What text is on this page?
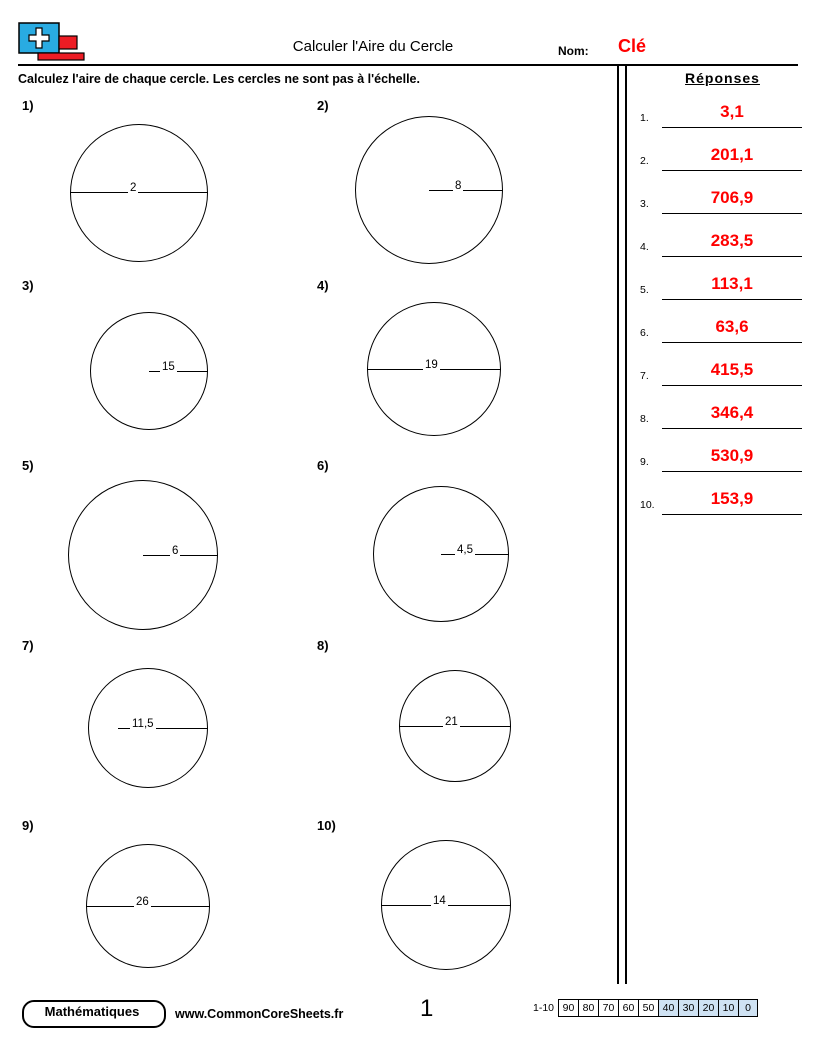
Calculer l'Aire du Cercle	Nom: Clé
Calculez l'aire de chaque cercle. Les cercles ne sont pas à l'échelle.
1)
2
2)
8
3)
15
4)
19
5)
6
6)
4,5
7)
11,5
8)
21
9)
26
10)
14
Réponses
1.	3,1
2.	201,1
3.	706,9
4.	283,5
5.	113,1
6.	63,6
7.	415,5
8.	346,4
9.	530,9
10.	153,9
Mathématiques	www.CommonCoreSheets.fr	1	1-10 90 80 70 60 50 40 30 20 10	0
